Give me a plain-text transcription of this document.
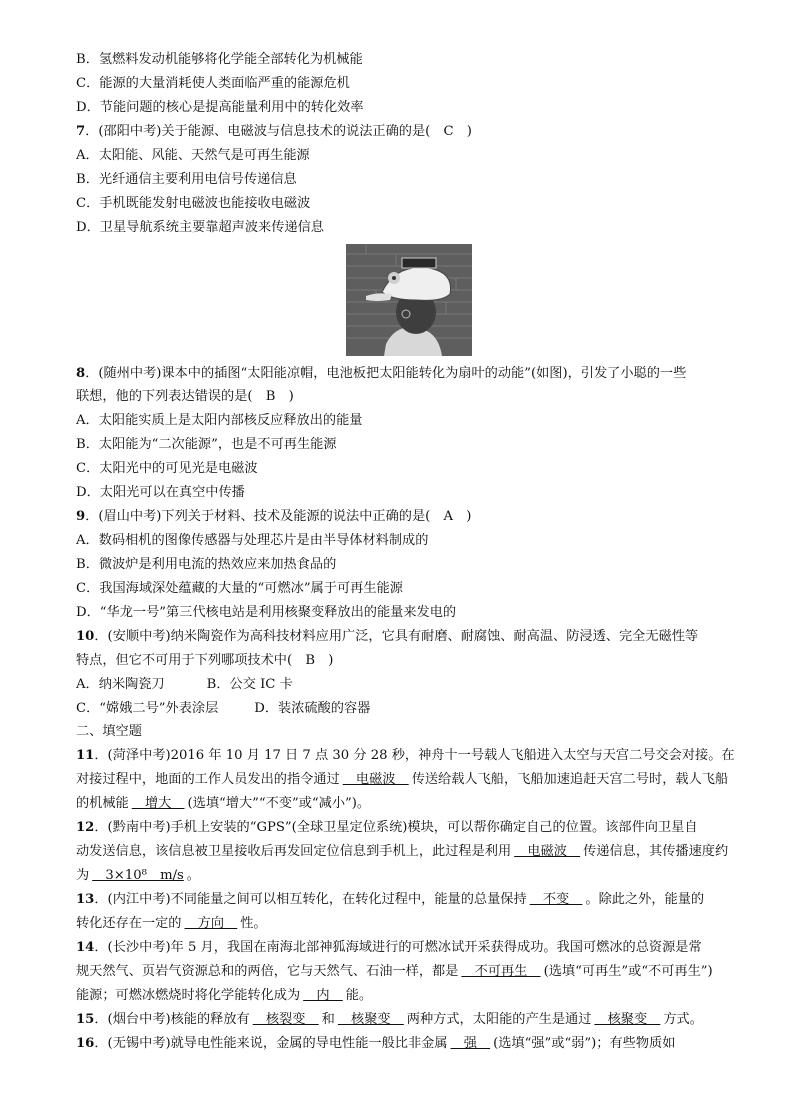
B．氢燃料发动机能够将化学能全部转化为机械能
C．能源的大量消耗使人类面临严重的能源危机
D．节能问题的核心是提高能量利用中的转化效率
7．(邵阳中考)关于能源、电磁波与信息技术的说法正确的是(　C　)
A．太阳能、风能、天然气是可再生能源
B．光纤通信主要利用电信号传递信息
C．手机既能发射电磁波也能接收电磁波
D．卫星导航系统主要靠超声波来传递信息
8．(随州中考)课本中的插图“太阳能凉帽，电池板把太阳能转化为扇叶的动能”(如图)，引发了小聪的一些
联想，他的下列表达错误的是(　B　)
A．太阳能实质上是太阳内部核反应释放出的能量
B．太阳能为“二次能源”，也是不可再生能源
C．太阳光中的可见光是电磁波
D．太阳光可以在真空中传播
9．(眉山中考)下列关于材料、技术及能源的说法中正确的是(　A　)
A．数码相机的图像传感器与处理芯片是由半导体材料制成的
B．微波炉是利用电流的热效应来加热食品的
C．我国海域深处蕴藏的大量的“可燃冰”属于可再生能源
D．“华龙一号”第三代核电站是利用核聚变释放出的能量来发电的
10．(安顺中考)纳米陶瓷作为高科技材料应用广泛，它具有耐磨、耐腐蚀、耐高温、防浸透、完全无磁性等
特点，但它不可用于下列哪项技术中(　B　)
A．纳米陶瓷刀	B．公交 IC 卡
C．“嫦娥二号”外表涂层	D．装浓硫酸的容器
二、填空题
11．(菏泽中考)2016 年 10 月 17 日 7 点 30 分 28 秒，神舟十一号载人飞船进入太空与天宫二号交会对接。在
对接过程中，地面的工作人员发出的指令通过　电磁波　传送给载人飞船，飞船加速追赶天宫二号时，载人飞船
的机械能　增大　(选填“增大”“不变”或“减小”)。
12．(黔南中考)手机上安装的“GPS”(全球卫星定位系统)模块，可以帮你确定自己的位置。该部件向卫星自
动发送信息，该信息被卫星接收后再发回定位信息到手机上，此过程是利用　电磁波　传递信息，其传播速度约
为　3×10⁸　m/s 。
13．(内江中考)不同能量之间可以相互转化，在转化过程中，能量的总量保持　不变　。除此之外，能量的
转化还存在一定的　方向　性。
14．(长沙中考)年 5 月，我国在南海北部神狐海域进行的可燃冰试开采获得成功。我国可燃冰的总资源是常
规天然气、页岩气资源总和的两倍，它与天然气、石油一样，都是　不可再生　(选填“可再生”或“不可再生”)
能源；可燃冰燃烧时将化学能转化成为　内　能。
15．(烟台中考)核能的释放有　核裂变　和　核聚变　两种方式，太阳能的产生是通过　核聚变　方式。
16．(无锡中考)就导电性能来说，金属的导电性能一般比非金属　强　(选填“强”或“弱”)；有些物质如
